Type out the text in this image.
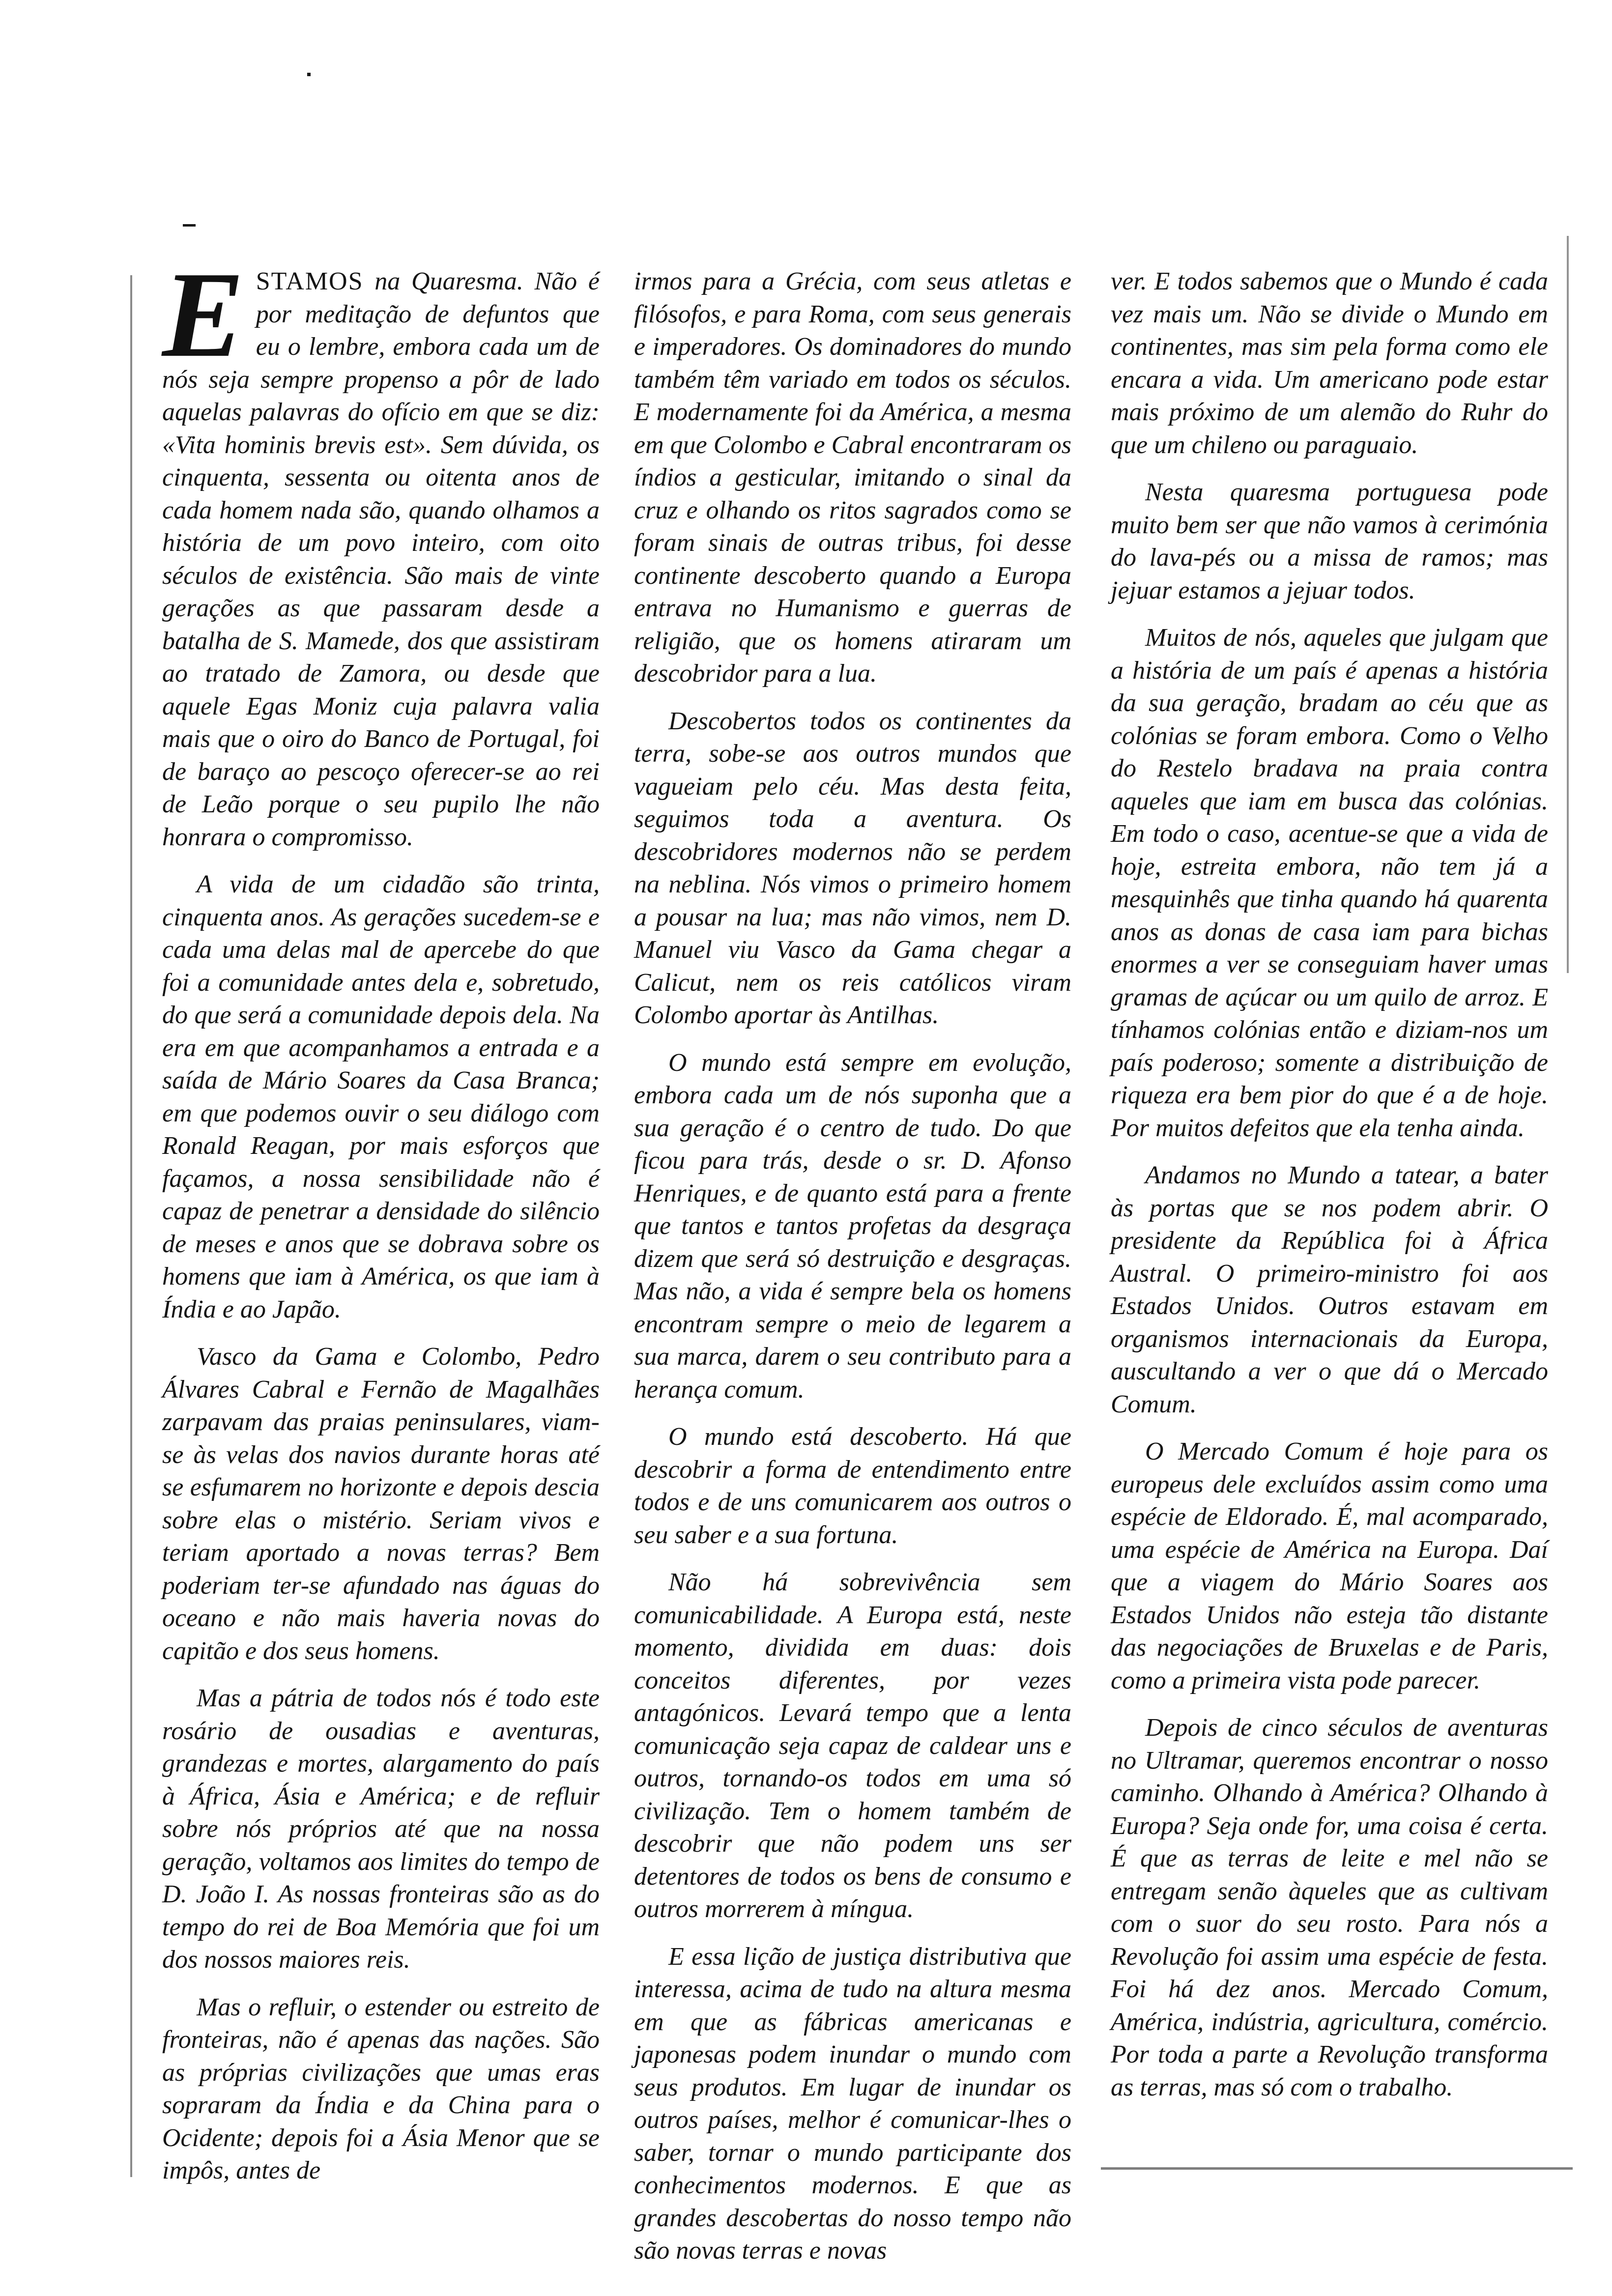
ESTAMOS na Quaresma. Não é por meditação de defuntos que eu o lembre, embora cada um de nós seja sempre propenso a pôr de lado aquelas palavras do ofício em que se diz: «Vita hominis brevis est». Sem dúvida, os cinquenta, sessenta ou oitenta anos de cada homem nada são, quando olhamos a história de um povo inteiro, com oito séculos de existência. São mais de vinte gerações as que passaram desde a batalha de S. Mamede, dos que assistiram ao tratado de Zamora, ou desde que aquele Egas Moniz cuja palavra valia mais que o oiro do Banco de Portugal, foi de baraço ao pescoço oferecer-se ao rei de Leão porque o seu pupilo lhe não honrara o compromisso.

A vida de um cidadão são trinta, cinquenta anos. As gerações sucedem-se e cada uma delas mal de apercebe do que foi a comunidade antes dela e, sobretudo, do que será a comunidade depois dela. Na era em que acompanhamos a entrada e a saída de Mário Soares da Casa Branca; em que podemos ouvir o seu diálogo com Ronald Reagan, por mais esforços que façamos, a nossa sensibilidade não é capaz de penetrar a densidade do silêncio de meses e anos que se dobrava sobre os homens que iam à América, os que iam à Índia e ao Japão.

Vasco da Gama e Colombo, Pedro Álvares Cabral e Fernão de Magalhães zarpavam das praias peninsulares, viam-se às velas dos navios durante horas até se esfumarem no horizonte e depois descia sobre elas o mistério. Seriam vivos e teriam aportado a novas terras? Bem poderiam ter-se afundado nas águas do oceano e não mais haveria novas do capitão e dos seus homens.

Mas a pátria de todos nós é todo este rosário de ousadias e aventuras, grandezas e mortes, alargamento do país à África, Ásia e América; e de refluir sobre nós próprios até que na nossa geração, voltamos aos limites do tempo de D. João I. As nossas fronteiras são as do tempo do rei de Boa Memória que foi um dos nossos maiores reis.

Mas o refluir, o estender ou estreito de fronteiras, não é apenas das nações. São as próprias civilizações que umas eras sopraram da Índia e da China para o Ocidente; depois foi a Ásia Menor que se impôs, antes de

irmos para a Grécia, com seus atletas e filósofos, e para Roma, com seus generais e imperadores. Os dominadores do mundo também têm variado em todos os séculos. E modernamente foi da América, a mesma em que Colombo e Cabral encontraram os índios a gesticular, imitando o sinal da cruz e olhando os ritos sagrados como se foram sinais de outras tribus, foi desse continente descoberto quando a Europa entrava no Humanismo e guerras de religião, que os homens atiraram um descobridor para a lua.

Descobertos todos os continentes da terra, sobe-se aos outros mundos que vagueiam pelo céu. Mas desta feita, seguimos toda a aventura. Os descobridores modernos não se perdem na neblina. Nós vimos o primeiro homem a pousar na lua; mas não vimos, nem D. Manuel viu Vasco da Gama chegar a Calicut, nem os reis católicos viram Colombo aportar às Antilhas.

O mundo está sempre em evolução, embora cada um de nós suponha que a sua geração é o centro de tudo. Do que ficou para trás, desde o sr. D. Afonso Henriques, e de quanto está para a frente que tantos e tantos profetas da desgraça dizem que será só destruição e desgraças. Mas não, a vida é sempre bela os homens encontram sempre o meio de legarem a sua marca, darem o seu contributo para a herança comum.

O mundo está descoberto. Há que descobrir a forma de entendimento entre todos e de uns comunicarem aos outros o seu saber e a sua fortuna.

Não há sobrevivência sem comunicabilidade. A Europa está, neste momento, dividida em duas: dois conceitos diferentes, por vezes antagónicos. Levará tempo que a lenta comunicação seja capaz de caldear uns e outros, tornando-os todos em uma só civilização. Tem o homem também de descobrir que não podem uns ser detentores de todos os bens de consumo e outros morrerem à míngua.

E essa lição de justiça distributiva que interessa, acima de tudo na altura mesma em que as fábricas americanas e japonesas podem inundar o mundo com seus produtos. Em lugar de inundar os outros países, melhor é comunicar-lhes o saber, tornar o mundo participante dos conhecimentos modernos. E que as grandes descobertas do nosso tempo não são novas terras e novas

ver. E todos sabemos que o Mundo é cada vez mais um. Não se divide o Mundo em continentes, mas sim pela forma como ele encara a vida. Um americano pode estar mais próximo de um alemão do Ruhr do que um chileno ou paraguaio.

Nesta quaresma portuguesa pode muito bem ser que não vamos à cerimónia do lava-pés ou a missa de ramos; mas jejuar estamos a jejuar todos.

Muitos de nós, aqueles que julgam que a história de um país é apenas a história da sua geração, bradam ao céu que as colónias se foram embora. Como o Velho do Restelo bradava na praia contra aqueles que iam em busca das colónias. Em todo o caso, acentue-se que a vida de hoje, estreita embora, não tem já a mesquinhês que tinha quando há quarenta anos as donas de casa iam para bichas enormes a ver se conseguiam haver umas gramas de açúcar ou um quilo de arroz. E tínhamos colónias então e diziam-nos um país poderoso; somente a distribuição de riqueza era bem pior do que é a de hoje. Por muitos defeitos que ela tenha ainda.

Andamos no Mundo a tatear, a bater às portas que se nos podem abrir. O presidente da República foi à África Austral. O primeiro-ministro foi aos Estados Unidos. Outros estavam em organismos internacionais da Europa, auscultando a ver o que dá o Mercado Comum.

O Mercado Comum é hoje para os europeus dele excluídos assim como uma espécie de Eldorado. É, mal acomparado, uma espécie de América na Europa. Daí que a viagem do Mário Soares aos Estados Unidos não esteja tão distante das negociações de Bruxelas e de Paris, como a primeira vista pode parecer.

Depois de cinco séculos de aventuras no Ultramar, queremos encontrar o nosso caminho. Olhando à América? Olhando à Europa? Seja onde for, uma coisa é certa. É que as terras de leite e mel não se entregam senão àqueles que as cultivam com o suor do seu rosto. Para nós a Revolução foi assim uma espécie de festa. Foi há dez anos. Mercado Comum, América, indústria, agricultura, comércio. Por toda a parte a Revolução transforma as terras, mas só com o trabalho.
